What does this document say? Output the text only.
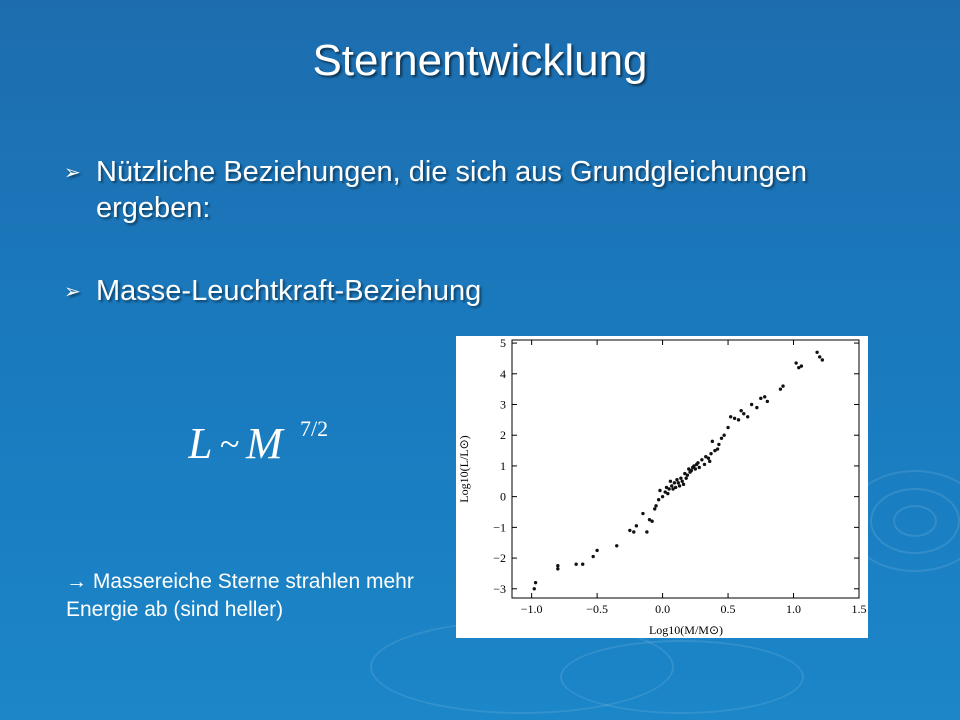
Sternentwicklung
➢ Nützliche Beziehungen, die sich aus Grundgleichungen ergeben:
➢ Masse-Leuchtkraft-Beziehung
L ~ M 7/2
→ Massereiche Sterne strahlen mehr Energie ab (sind heller)	−1.0	−0.5	0.0	0.5	1.0	1.5
−3
−2
−1
0
1
2
3
4
5
Log10(M/M⊙)
Log10(L/L⊙)
